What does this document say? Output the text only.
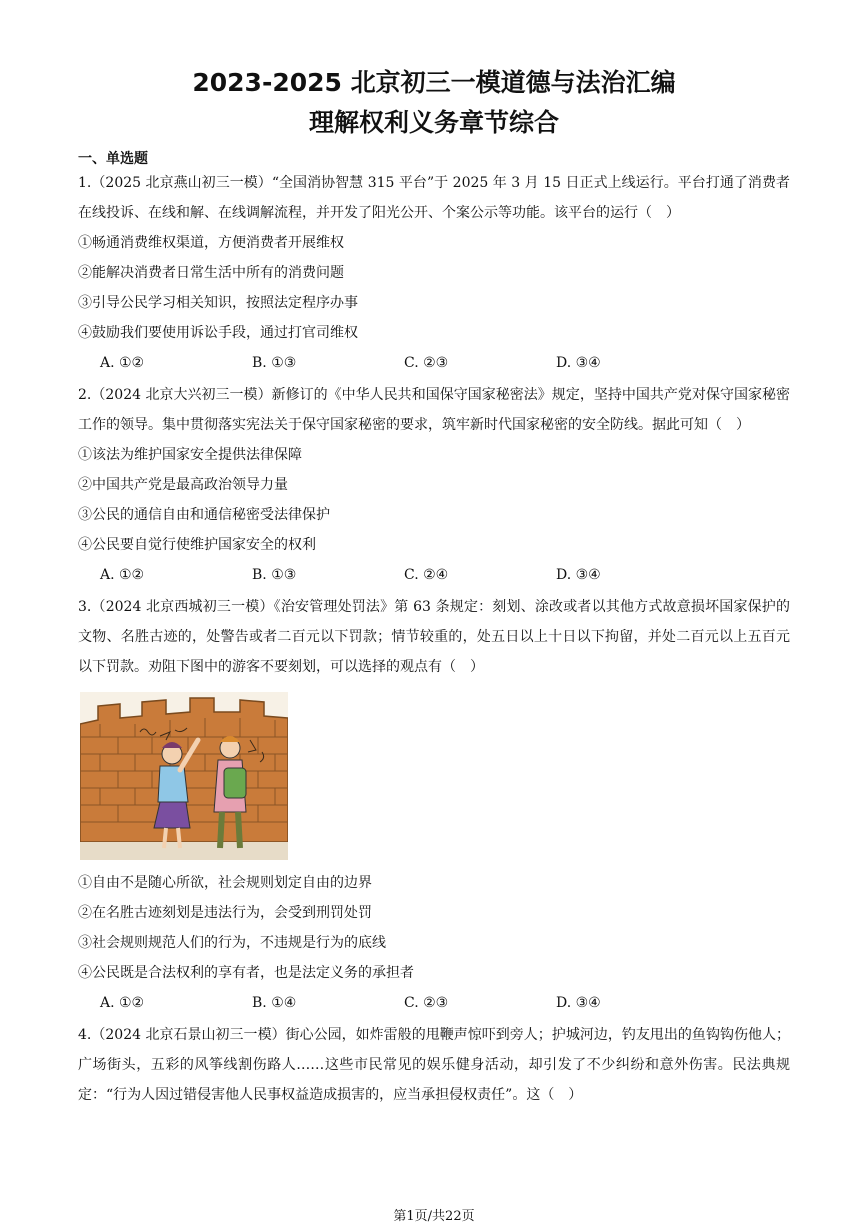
2023-2025 北京初三一模道德与法治汇编
理解权利义务章节综合
一、单选题
1.（2025 北京燕山初三一模）“全国消协智慧 315 平台”于 2025 年 3 月 15 日正式上线运行。平台打通了消费者在线投诉、在线和解、在线调解流程，并开发了阳光公开、个案公示等功能。该平台的运行（　）
①畅通消费维权渠道，方便消费者开展维权
②能解决消费者日常生活中所有的消费问题
③引导公民学习相关知识，按照法定程序办事
④鼓励我们要使用诉讼手段，通过打官司维权
A. ①②	B. ①③	C. ②③	D. ③④
2.（2024 北京大兴初三一模）新修订的《中华人民共和国保守国家秘密法》规定，坚持中国共产党对保守国家秘密工作的领导。集中贯彻落实宪法关于保守国家秘密的要求，筑牢新时代国家秘密的安全防线。据此可知（　）
①该法为维护国家安全提供法律保障
②中国共产党是最高政治领导力量
③公民的通信自由和通信秘密受法律保护
④公民要自觉行使维护国家安全的权利
A. ①②	B. ①③	C. ②④	D. ③④
3.（2024 北京西城初三一模）《治安管理处罚法》第 63 条规定：刻划、涂改或者以其他方式故意损坏国家保护的文物、名胜古迹的，处警告或者二百元以下罚款；情节较重的，处五日以上十日以下拘留，并处二百元以上五百元以下罚款。劝阻下图中的游客不要刻划，可以选择的观点有（　）
①自由不是随心所欲，社会规则划定自由的边界
②在名胜古迹刻划是违法行为，会受到刑罚处罚
③社会规则规范人们的行为，不违规是行为的底线
④公民既是合法权利的享有者，也是法定义务的承担者
A. ①②	B. ①④	C. ②③	D. ③④
4.（2024 北京石景山初三一模）街心公园，如炸雷般的甩鞭声惊吓到旁人；护城河边，钓友甩出的鱼钩钩伤他人；广场街头，五彩的风筝线割伤路人……这些市民常见的娱乐健身活动，却引发了不少纠纷和意外伤害。民法典规定：“行为人因过错侵害他人民事权益造成损害的，应当承担侵权责任”。这（　）
第1页/共22页
